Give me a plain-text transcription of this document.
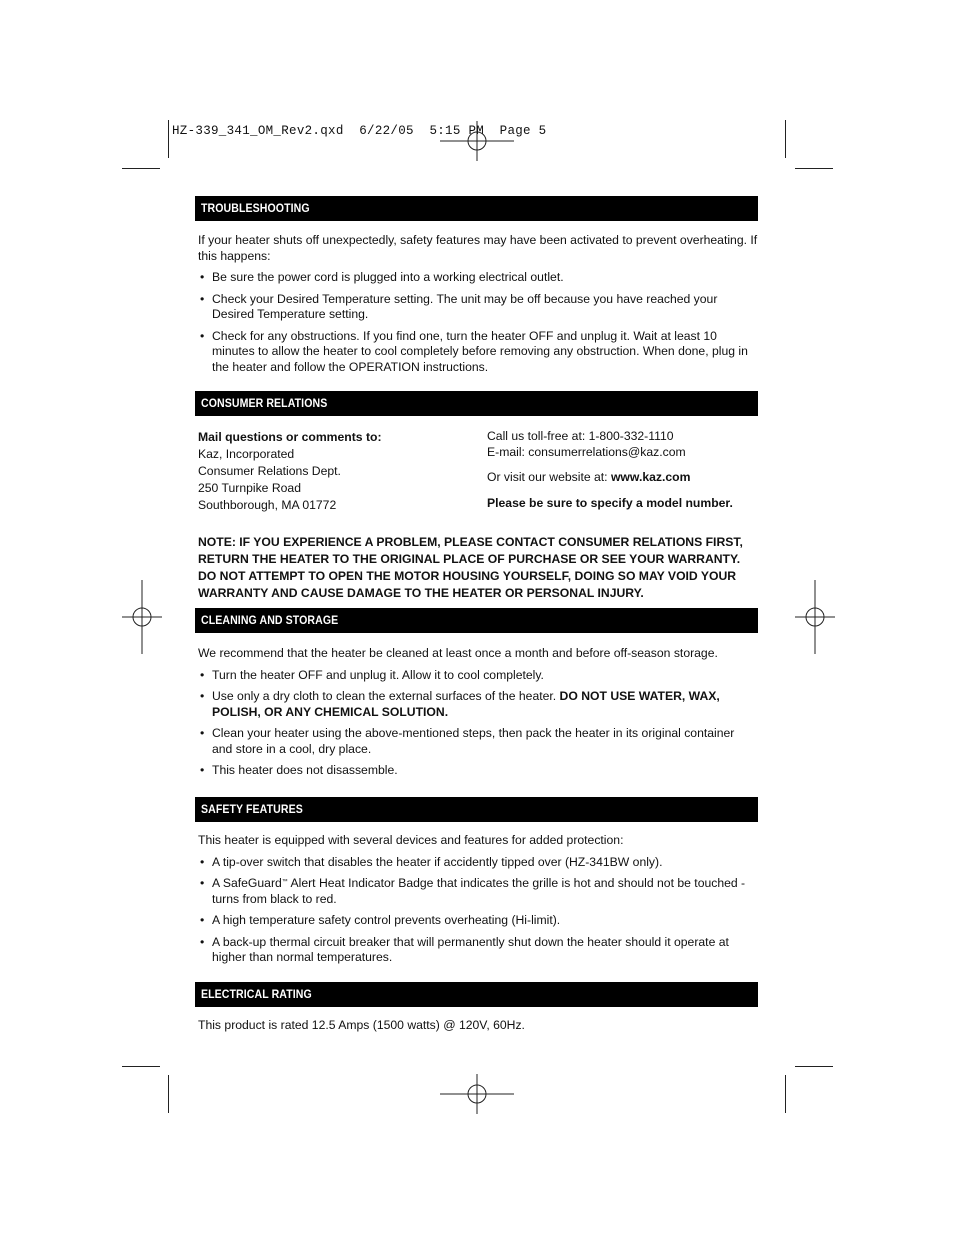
HZ-339_341_OM_Rev2.qxd  6/22/05  5:15 PM  Page 5
TROUBLESHOOTING

If your heater shuts off unexpectedly, safety features may have been activated to prevent overheating. If this happens:

• Be sure the power cord is plugged into a working electrical outlet.
• Check your Desired Temperature setting. The unit may be off because you have reached your Desired Temperature setting.
• Check for any obstructions. If you find one, turn the heater OFF and unplug it. Wait at least 10 minutes to allow the heater to cool completely before removing any obstruction. When done, plug in the heater and follow the OPERATION instructions.
CONSUMER RELATIONS
Mail questions or comments to:
Kaz, Incorporated
Consumer Relations Dept.
250 Turnpike Road
Southborough, MA 01772
Call us toll-free at: 1-800-332-1110
E-mail: consumerrelations@kaz.com
Or visit our website at: www.kaz.com
Please be sure to specify a model number.
NOTE: IF YOU EXPERIENCE A PROBLEM, PLEASE CONTACT CONSUMER RELATIONS FIRST, RETURN THE HEATER TO THE ORIGINAL PLACE OF PURCHASE OR SEE YOUR WARRANTY. DO NOT ATTEMPT TO OPEN THE MOTOR HOUSING YOURSELF, DOING SO MAY VOID YOUR WARRANTY AND CAUSE DAMAGE TO THE HEATER OR PERSONAL INJURY.
CLEANING AND STORAGE

We recommend that the heater be cleaned at least once a month and before off-season storage.

• Turn the heater OFF and unplug it. Allow it to cool completely.
• Use only a dry cloth to clean the external surfaces of the heater. DO NOT USE WATER, WAX, POLISH, OR ANY CHEMICAL SOLUTION.
• Clean your heater using the above-mentioned steps, then pack the heater in its original container and store in a cool, dry place.
• This heater does not disassemble.
SAFETY FEATURES

This heater is equipped with several devices and features for added protection:

• A tip-over switch that disables the heater if accidently tipped over (HZ-341BW only).
• A SafeGuard™ Alert Heat Indicator Badge that indicates the grille is hot and should not be touched - turns from black to red.
• A high temperature safety control prevents overheating (Hi-limit).
• A back-up thermal circuit breaker that will permanently shut down the heater should it operate at higher than normal temperatures.
ELECTRICAL RATING

This product is rated 12.5 Amps (1500 watts) @ 120V, 60Hz.
